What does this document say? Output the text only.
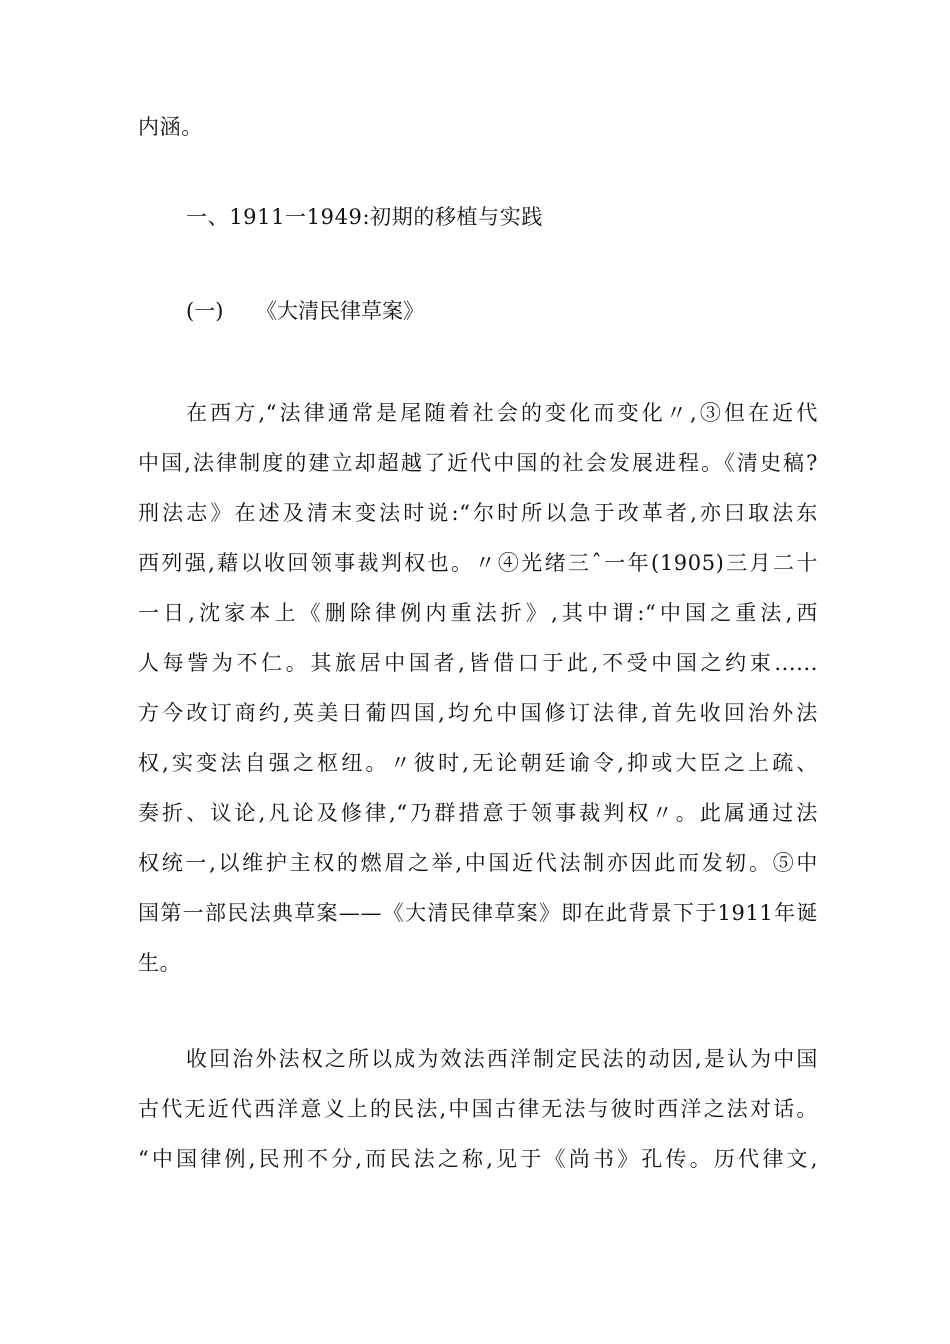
内涵。
一、1911一1949:初期的移植与实践
(一) 《大清民律草案》
在西方,“法律通常是尾随着社会的变化而变化〃,③但在近代
中国,法律制度的建立却超越了近代中国的社会发展进程。《清史稿?
刑法志》在述及清末变法时说:“尔时所以急于改革者,亦曰取法东
西列强,藉以收回领事裁判权也。〃④光绪三ˆ一年(1905)三月二十
一日,沈家本上《删除律例内重法折》,其中谓:“中国之重法,西
人每訾为不仁。其旅居中国者,皆借口于此,不受中国之约束......
方今改订商约,英美日葡四国,均允中国修订法律,首先收回治外法
权,实变法自强之枢纽。〃彼时,无论朝廷谕令,抑或大臣之上疏、
奏折、议论,凡论及修律,“乃群措意于领事裁判权〃。此属通过法
权统一,以维护主权的燃眉之举,中国近代法制亦因此而发轫。⑤中
国第一部民法典草案——《大清民律草案》即在此背景下于1911年诞
生。
收回治外法权之所以成为效法西洋制定民法的动因,是认为中国
古代无近代西洋意义上的民法,中国古律无法与彼时西洋之法对话。
“中国律例,民刑不分,而民法之称,见于《尚书》孔传。历代律文,
